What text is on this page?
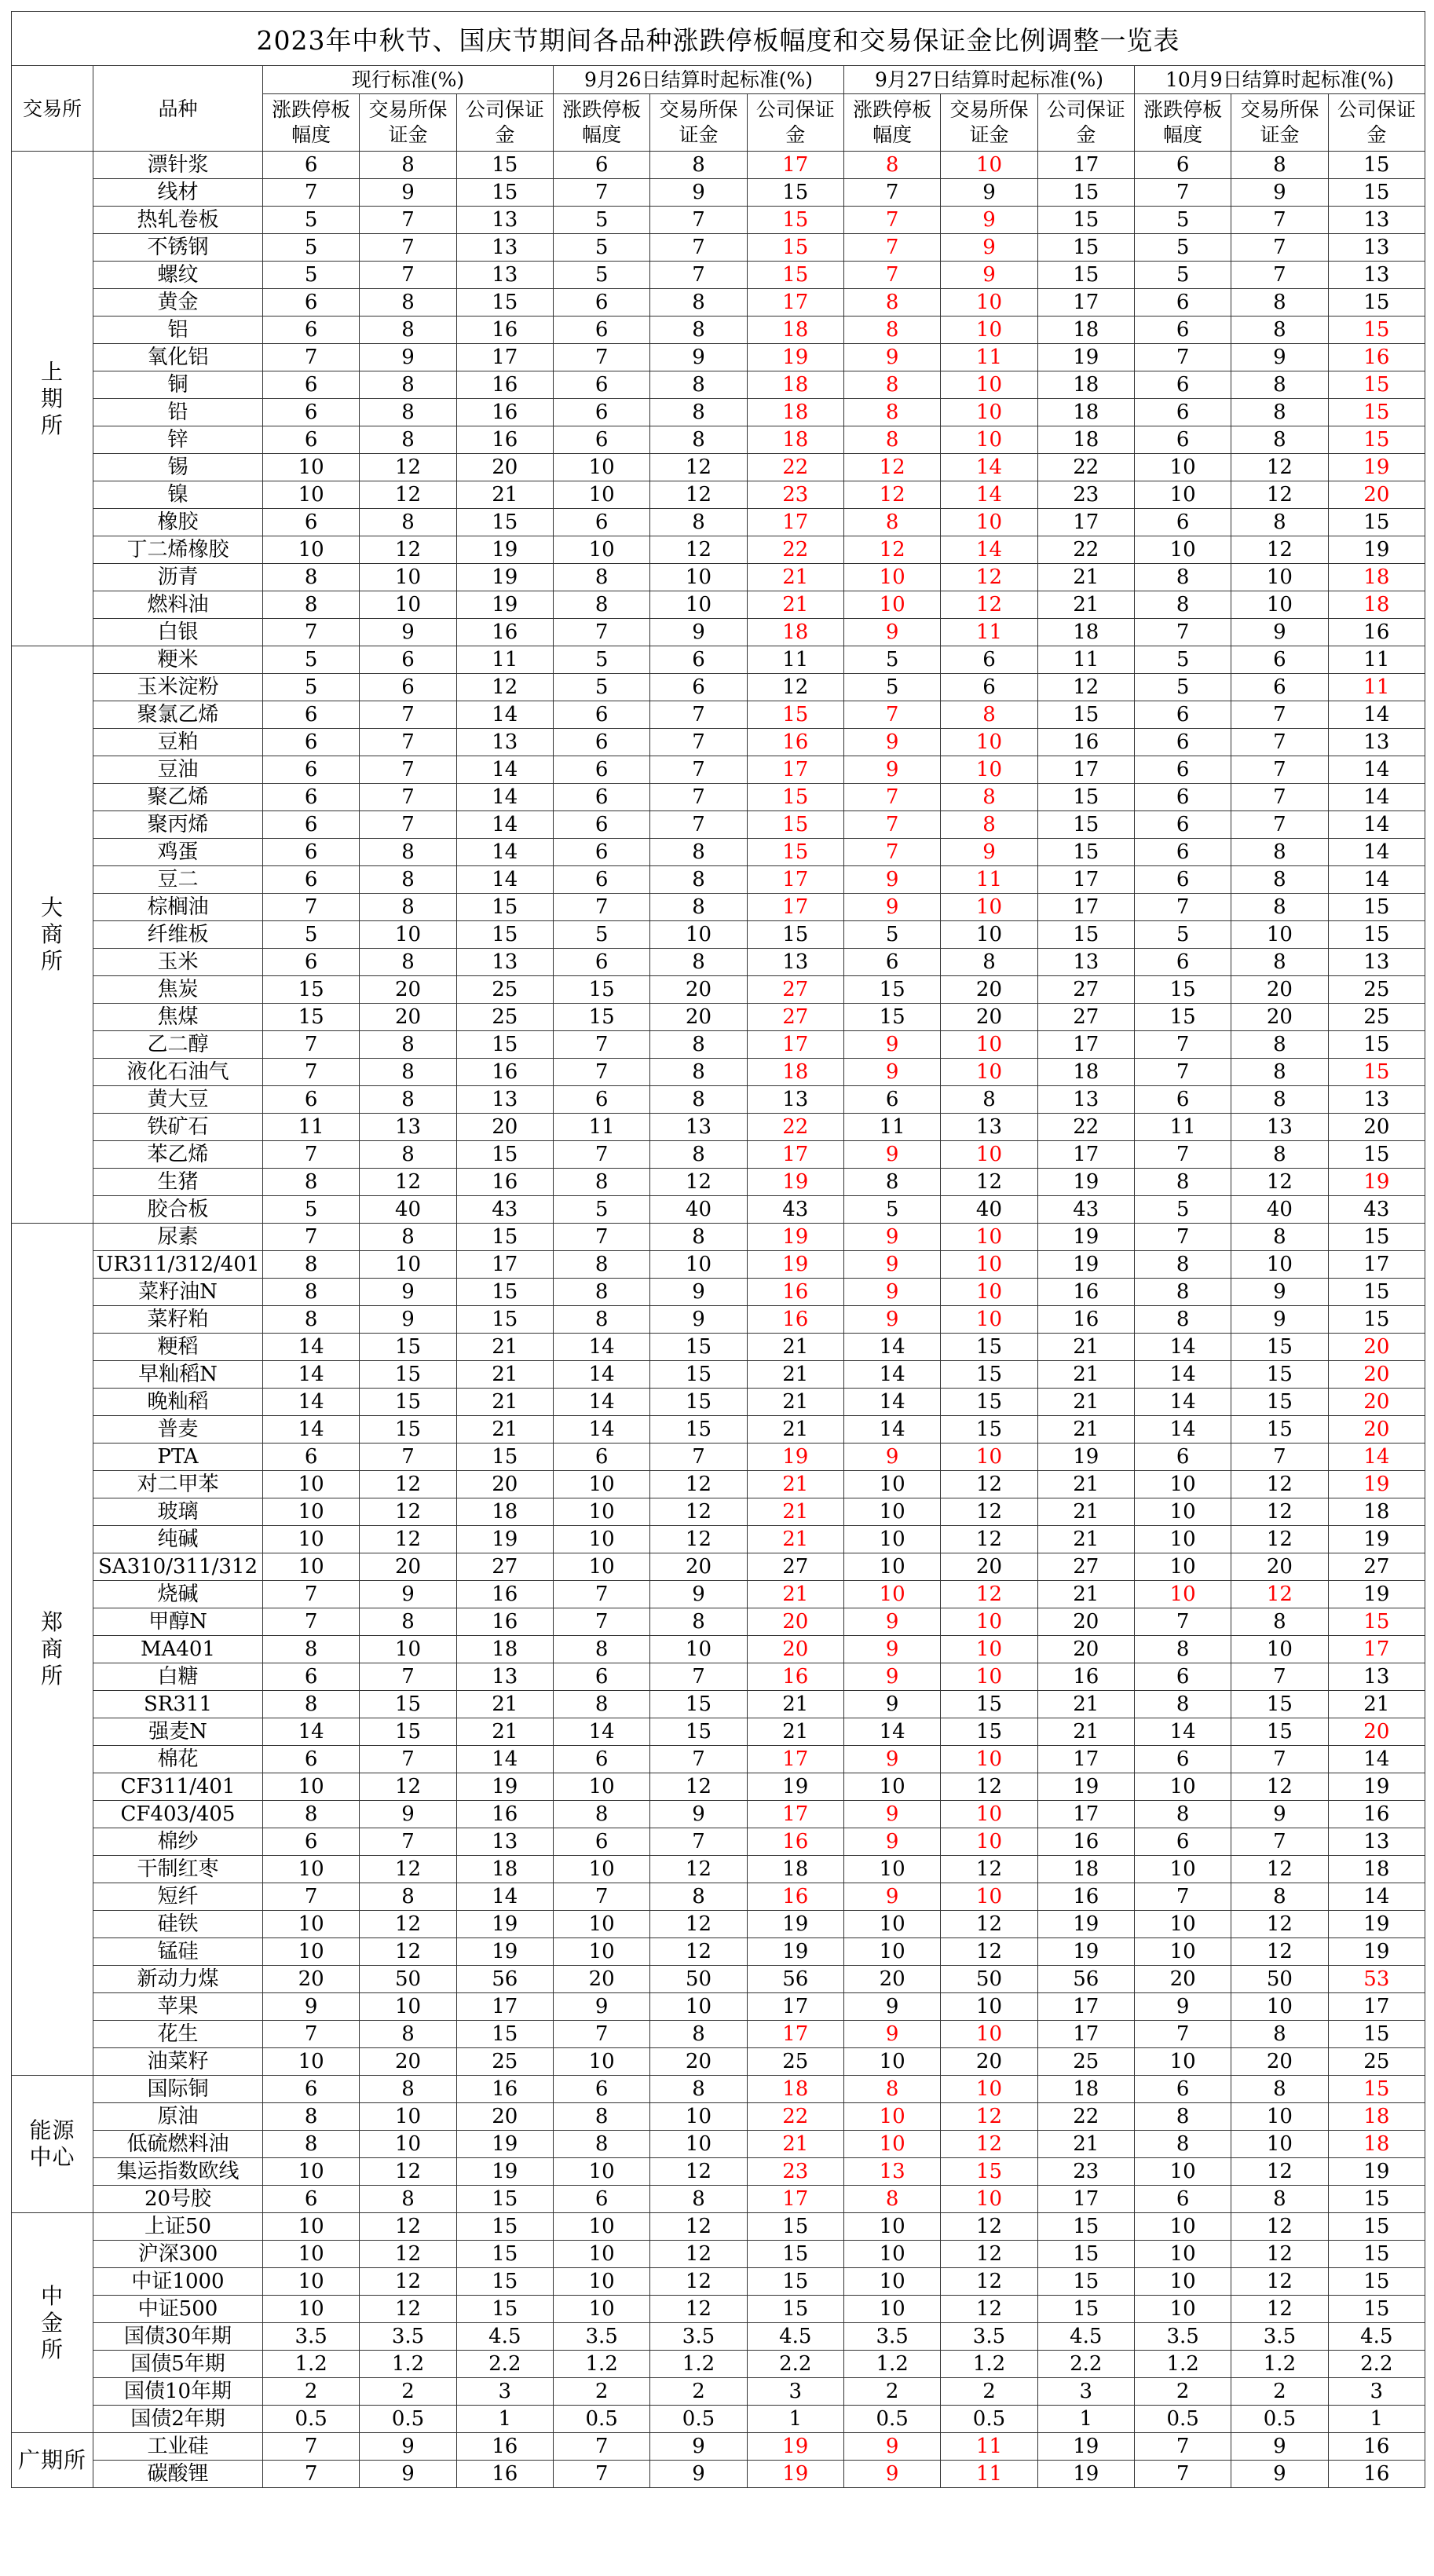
2023年中秋节、国庆节期间各品种涨跌停板幅度和交易保证金比例调整一览表													
交易所	品种	现行标准(%)			9月26日结算时起标准(%)			9月27日结算时起标准(%)			10月9日结算时起标准(%)		
		涨跌停板幅度	交易所保证金	公司保证金	涨跌停板幅度	交易所保证金	公司保证金	涨跌停板幅度	交易所保证金	公司保证金	涨跌停板幅度	交易所保证金	公司保证金
上
期
所	漂针浆	6	8	15	6	8	17	8	10	17	6	8	15
	线材	7	9	15	7	9	15	7	9	15	7	9	15
	热轧卷板	5	7	13	5	7	15	7	9	15	5	7	13
	不锈钢	5	7	13	5	7	15	7	9	15	5	7	13
	螺纹	5	7	13	5	7	15	7	9	15	5	7	13
	黄金	6	8	15	6	8	17	8	10	17	6	8	15
	铝	6	8	16	6	8	18	8	10	18	6	8	15
	氧化铝	7	9	17	7	9	19	9	11	19	7	9	16
	铜	6	8	16	6	8	18	8	10	18	6	8	15
	铅	6	8	16	6	8	18	8	10	18	6	8	15
	锌	6	8	16	6	8	18	8	10	18	6	8	15
	锡	10	12	20	10	12	22	12	14	22	10	12	19
	镍	10	12	21	10	12	23	12	14	23	10	12	20
	橡胶	6	8	15	6	8	17	8	10	17	6	8	15
	丁二烯橡胶	10	12	19	10	12	22	12	14	22	10	12	19
	沥青	8	10	19	8	10	21	10	12	21	8	10	18
	燃料油	8	10	19	8	10	21	10	12	21	8	10	18
	白银	7	9	16	7	9	18	9	11	18	7	9	16
大
商
所	粳米	5	6	11	5	6	11	5	6	11	5	6	11
	玉米淀粉	5	6	12	5	6	12	5	6	12	5	6	11
	聚氯乙烯	6	7	14	6	7	15	7	8	15	6	7	14
	豆粕	6	7	13	6	7	16	9	10	16	6	7	13
	豆油	6	7	14	6	7	17	9	10	17	6	7	14
	聚乙烯	6	7	14	6	7	15	7	8	15	6	7	14
	聚丙烯	6	7	14	6	7	15	7	8	15	6	7	14
	鸡蛋	6	8	14	6	8	15	7	9	15	6	8	14
	豆二	6	8	14	6	8	17	9	11	17	6	8	14
	棕榈油	7	8	15	7	8	17	9	10	17	7	8	15
	纤维板	5	10	15	5	10	15	5	10	15	5	10	15
	玉米	6	8	13	6	8	13	6	8	13	6	8	13
	焦炭	15	20	25	15	20	27	15	20	27	15	20	25
	焦煤	15	20	25	15	20	27	15	20	27	15	20	25
	乙二醇	7	8	15	7	8	17	9	10	17	7	8	15
	液化石油气	7	8	16	7	8	18	9	10	18	7	8	15
	黄大豆	6	8	13	6	8	13	6	8	13	6	8	13
	铁矿石	11	13	20	11	13	22	11	13	22	11	13	20
	苯乙烯	7	8	15	7	8	17	9	10	17	7	8	15
	生猪	8	12	16	8	12	19	8	12	19	8	12	19
	胶合板	5	40	43	5	40	43	5	40	43	5	40	43
郑
商
所	尿素	7	8	15	7	8	19	9	10	19	7	8	15
	UR311/312/401	8	10	17	8	10	19	9	10	19	8	10	17
	菜籽油N	8	9	15	8	9	16	9	10	16	8	9	15
	菜籽粕	8	9	15	8	9	16	9	10	16	8	9	15
	粳稻	14	15	21	14	15	21	14	15	21	14	15	20
	早籼稻N	14	15	21	14	15	21	14	15	21	14	15	20
	晚籼稻	14	15	21	14	15	21	14	15	21	14	15	20
	普麦	14	15	21	14	15	21	14	15	21	14	15	20
	PTA	6	7	15	6	7	19	9	10	19	6	7	14
	对二甲苯	10	12	20	10	12	21	10	12	21	10	12	19
	玻璃	10	12	18	10	12	21	10	12	21	10	12	18
	纯碱	10	12	19	10	12	21	10	12	21	10	12	19
	SA310/311/312	10	20	27	10	20	27	10	20	27	10	20	27
	烧碱	7	9	16	7	9	21	10	12	21	10	12	19
	甲醇N	7	8	16	7	8	20	9	10	20	7	8	15
	MA401	8	10	18	8	10	20	9	10	20	8	10	17
	白糖	6	7	13	6	7	16	9	10	16	6	7	13
	SR311	8	15	21	8	15	21	9	15	21	8	15	21
	强麦N	14	15	21	14	15	21	14	15	21	14	15	20
	棉花	6	7	14	6	7	17	9	10	17	6	7	14
	CF311/401	10	12	19	10	12	19	10	12	19	10	12	19
	CF403/405	8	9	16	8	9	17	9	10	17	8	9	16
	棉纱	6	7	13	6	7	16	9	10	16	6	7	13
	干制红枣	10	12	18	10	12	18	10	12	18	10	12	18
	短纤	7	8	14	7	8	16	9	10	16	7	8	14
	硅铁	10	12	19	10	12	19	10	12	19	10	12	19
	锰硅	10	12	19	10	12	19	10	12	19	10	12	19
	新动力煤	20	50	56	20	50	56	20	50	56	20	50	53
	苹果	9	10	17	9	10	17	9	10	17	9	10	17
	花生	7	8	15	7	8	17	9	10	17	7	8	15
	油菜籽	10	20	25	10	20	25	10	20	25	10	20	25
能源
中心	国际铜	6	8	16	6	8	18	8	10	18	6	8	15
	原油	8	10	20	8	10	22	10	12	22	8	10	18
	低硫燃料油	8	10	19	8	10	21	10	12	21	8	10	18
	集运指数欧线	10	12	19	10	12	23	13	15	23	10	12	19
	20号胶	6	8	15	6	8	17	8	10	17	6	8	15
中
金
所	上证50	10	12	15	10	12	15	10	12	15	10	12	15
	沪深300	10	12	15	10	12	15	10	12	15	10	12	15
	中证1000	10	12	15	10	12	15	10	12	15	10	12	15
	中证500	10	12	15	10	12	15	10	12	15	10	12	15
	国债30年期	3.5	3.5	4.5	3.5	3.5	4.5	3.5	3.5	4.5	3.5	3.5	4.5
	国债5年期	1.2	1.2	2.2	1.2	1.2	2.2	1.2	1.2	2.2	1.2	1.2	2.2
	国债10年期	2	2	3	2	2	3	2	2	3	2	2	3
	国债2年期	0.5	0.5	1	0.5	0.5	1	0.5	0.5	1	0.5	0.5	1
广期所	工业硅	7	9	16	7	9	19	9	11	19	7	9	16
	碳酸锂	7	9	16	7	9	19	9	11	19	7	9	16
